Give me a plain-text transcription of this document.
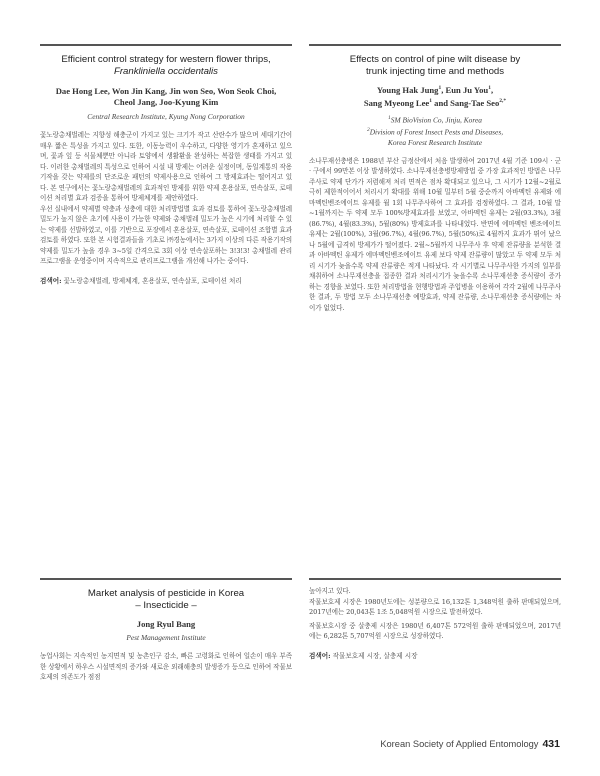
Efficient control strategy for western flower thrips,
Frankliniella occidentalis
Dae Hong Lee, Won Jin Kang, Jin won Seo, Won Seok Choi, Cheol Jang, Joo-Kyung Kim
Central Research Institute, Kyung Nong Corporation

꽃노랑총채벌레는 지향성 해충군이 가지고 있는 크기가 작고 산란수가 많으며 세대기간이 매우 짧은 특성을 가지고 있다. 또한, 이동능력이 우수하고, 다양한 영기가 혼재하고 있으며, 꽃과 잎 등 식물체뿐만 아니라 토양에서 생활환을 완성하는 복잡한 생태를 가지고 있다. 이러한 총채벌레의 특성으로 인하여 시설 내 방제는 어려운 실정이며, 동일계통의 작용기작을 갖는 약제를의 단조로운 패턴의 약제사용으로 인하여 그 방제효과는 떨어지고 있다. 본 연구에서는 꽃노랑총채벌레의 효과적인 방제를 위한 약제 혼용살포, 연속살포, 로테이션 처리별 효과 검증을 통하여 방제체계를 제안하였다.

우선 실내에서 약제별 약충과 성충에 대한 처리방법별 효과 검토를 통하여 꽃노랑총채벌레 밀도가 높지 않은 초기에 사용이 가능한 약제와 총채벌레 밀도가 높은 시기에 처리할 수 있는 약제를 선발하였고, 이를 기반으로 포장에서 혼용살포, 연속살포, 로테이션 조합별 효과 검토를 하였다. 또한 본 시험결과들을 기초로 ㈜경농에서는 3가지 이상의 다른 작용기작의 약제를 밀도가 높을 경우 3~5일 간격으로 3회 이상 연속살포하는 3!3!3! 총채벌레 관리프로그램을 운영중이며 지속적으로 관리프로그램을 개선해 나가는 중이다.

검색어: 꽃노랑총채벌레, 방제체계, 혼용살포, 연속살포, 로테이션 처리

Effects on control of pine wilt disease by
trunk injecting time and methods
Young Hak Jung$^1$, Eun Ju You$^1$,
Sang Myeong Lee$^1$ and Sang-Tae Seo$^{2,*}$
$^1$SM BioVision Co, Jinju, Korea
$^2$Division of Forest Insect Pests and Diseases,
Korea Forest Research Institute

소나무재선충병은 1988년 부산 금정산에서 처음 발생하여 2017년 4월 기준 109시 · 군 · 구에서 99만본 이상 발생하였다. 소나무재선충병방제방법 중 가장 효과적인 방법은 나무주사로 약제 단가가 저렴해져 처리 면적은 점차 확대되고 있으나, 그 시기가 12월~2월로 극히 제한적이어서 처리시기 확대를 위해 10월 밀부터 5월 중순까지 아바멕틴 유제와 에마멕틴벤조에이트 유제를 월 1회 나무주사하여 그 효과를 검정하였다. 그 결과, 10월 말~1월까지는 두 약제 모두 100%방제효과를 보였고, 아바멕틴 유제는 2월(93.3%), 3월(86.7%), 4월(83.3%), 5월(80%) 방제효과를 나타내었다. 반면에 에마멕틴 벤조에이트 유제는 2월(100%), 3월(96.7%), 4월(96.7%), 5월(50%)로 4월까지 효과가 뛰어 났으나 5월에 급격히 방제가가 떨어졌다. 2월~5월까지 나무주사 후 약제 잔류량을 분석한 결과 아바멕틴 유제가 에마멕틴벤조에이트 유제 보다 약제 잔류량이 많았고 두 약제 모두 처리 시기가 늦을수록 약제 잔류량은 적게 나타났다. 각 시기별로 나무주사한 가지의 일부를 채취하여 소나무재선충을 접종한 결과 처리시기가 늦을수록 소나무재선충 증식량이 증가하는 경향을 보였다. 또한 처리방법을 현행방법과 주입병을 이용하여 각각 2월에 나무주사한 결과, 두 방법 모두 소나무재선충 예방효과, 약제 잔류량, 소나무재선충 증식량에는 차이가 없었다.

Market analysis of pesticide in Korea
– Insecticide –
Jong Ryul Bang
Pest Management Institute

농업사회는 지속적인 농지면적 및 농촌인구 감소, 빠른 고령화로 인하여 일손이 매우 부족한 상황에서 하우스 시설면적의 증가와 새로운 외래해충의 발생증가 등으로 인하여 작물보호제의 의존도가 점점

높아지고 있다.

작물보호제 시장은 1980년도에는 성분량으로 16,132톤 1,348억원 출하 판매되었으며, 2017년에는 20,043톤 1조 5,048억원 시장으로 발전하였다.

작물보호시장 중 살충제 시장은 1980년 6,407톤 572억원 출하 판매되었으며, 2017년에는 6,282톤 5,707억원 시장으로 성장하였다.

검색어: 작물보호제 시장, 살충제 시장

Korean Society of Applied Entomology 431
